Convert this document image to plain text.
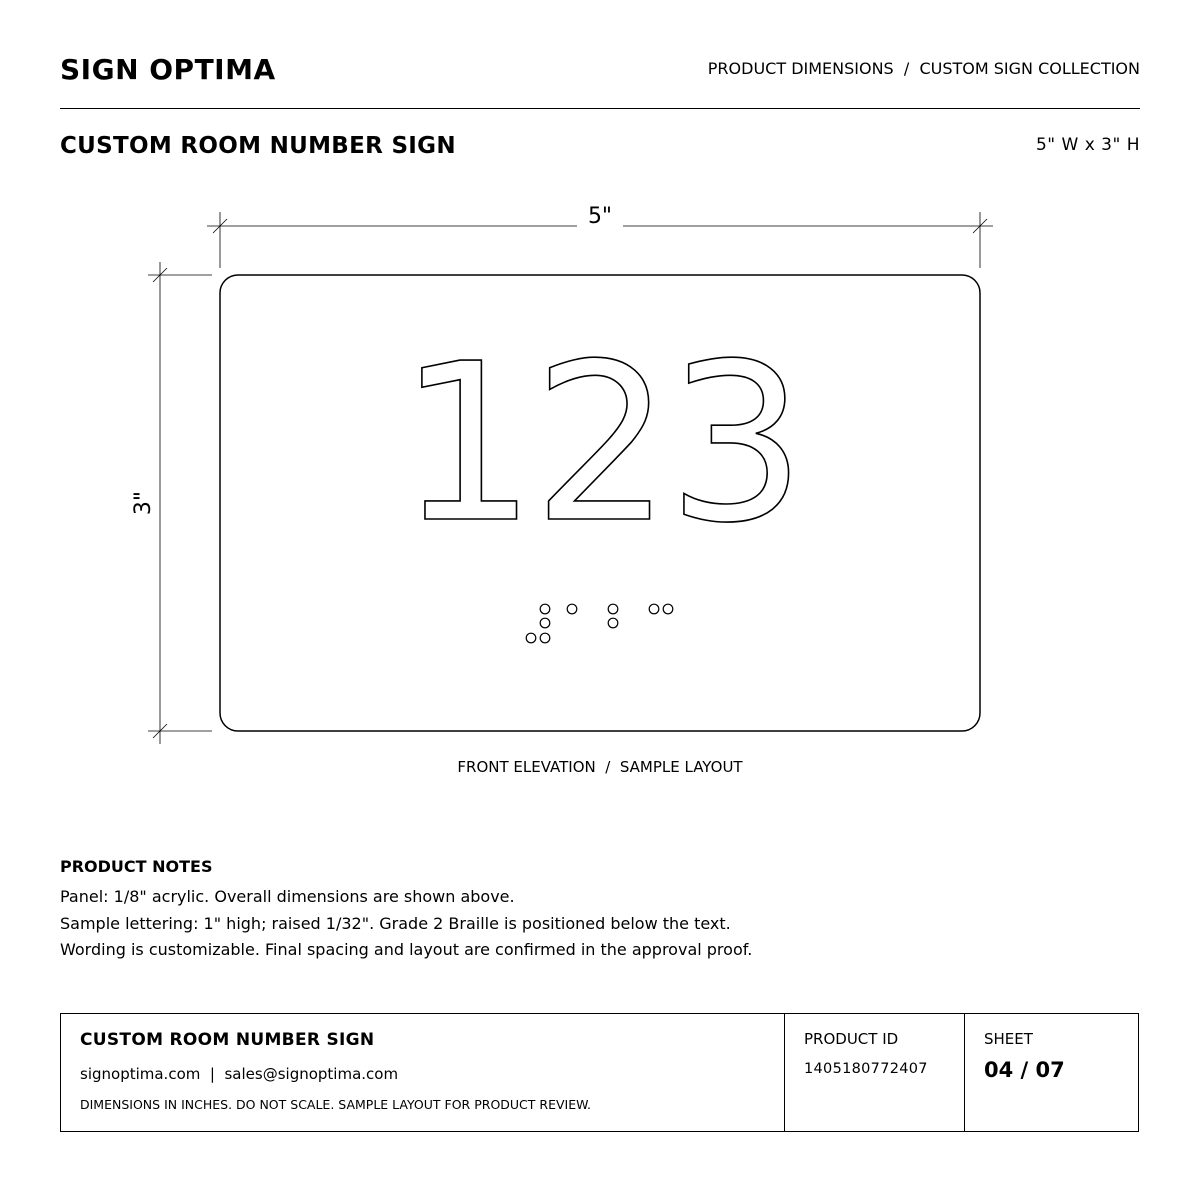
SIGN OPTIMA	PRODUCT DIMENSIONS  /  CUSTOM SIGN COLLECTION
CUSTOM ROOM NUMBER SIGN	5" W x 3" H
5"
3" 123
FRONT ELEVATION  /  SAMPLE LAYOUT
PRODUCT NOTES
Panel: 1/8" acrylic. Overall dimensions are shown above.
Sample lettering: 1" high; raised 1/32". Grade 2 Braille is positioned below the text.
Wording is customizable. Final spacing and layout are confirmed in the approval proof.
CUSTOM ROOM NUMBER SIGN
signoptima.com  |  sales@signoptima.com
DIMENSIONS IN INCHES. DO NOT SCALE. SAMPLE LAYOUT FOR PRODUCT REVIEW.
PRODUCT ID
1405180772407
SHEET
04 / 07
